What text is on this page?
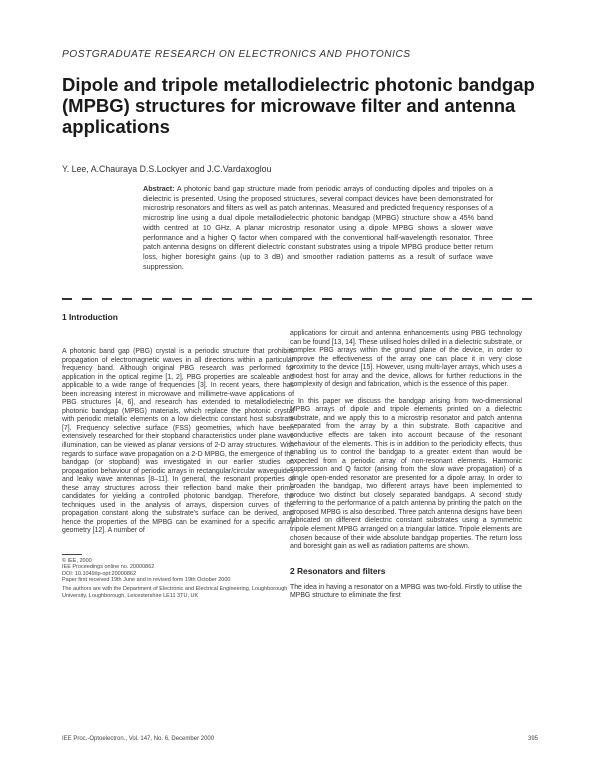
POSTGRADUATE RESEARCH ON ELECTRONICS AND PHOTONICS
Dipole and tripole metallodielectric photonic bandgap (MPBG) structures for microwave filter and antenna applications
Y. Lee, A.Chauraya D.S.Lockyer and J.C.Vardaxoglou
Abstract: A photonic band gap structure made from periodic arrays of conducting dipoles and tripoles on a dielectric is presented. Using the proposed structures, several compact devices have been demonstrated for microstrip resonators and filters as well as patch antennas. Measured and predicted frequency responses of a microstrip line using a dual dipole metallodielectric photonic bandgap (MPBG) structure show a 45% band width centred at 10 GHz. A planar microstrip resonator using a dipole MPBG shows a slower wave performance and a higher Q factor when compared with the conventional half-wavelength resonator. Three patch antenna designs on different dielectric constant substrates using a tripole MPBG produce better return loss, higher boresight gains (up to 3 dB) and smoother radiation patterns as a result of surface wave suppression.
1 Introduction

A photonic band gap (PBG) crystal is a periodic structure that prohibits propagation of electromagnetic waves in all directions within a particular frequency band. Although original PBG research was performed for application in the optical regime [1, 2], PBG properties are scaleable and applicable to a wide range of frequencies [3]. In recent years, there has been increasing interest in microwave and millimetre-wave applications of PBG structures [4, 6], and research has extended to metallodielectric photonic bandgap (MPBG) materials, which replace the photonic crystal with periodic metallic elements on a low dielectric constant host substrate [7]. Frequency selective surface (FSS) geometries, which have been extensively researched for their stopband characteristics under plane wave illumination, can be viewed as planar versions of 2-D array structures. With regards to surface wave propagation on a 2-D MPBG, the emergence of the bandgap (or stopband) was investigated in our earlier studies on propagation behaviour of periodic arrays in rectangular/circular waveguides and leaky wave antennas [8–11]. In general, the resonant properties of these array structures across their reflection band make their prime candidates for yielding a controlled photonic bandgap. Therefore, the techniques used in the analysis of arrays, dispersion curves of the propagation constant along the substrate's surface can be derived, and hence the properties of the MPBG can be examined for a specific array geometry [12]. A number of

© IEE, 2000

IEE Proceedings online no. 20000862

DOI: 10.1049/ip-opt:20000862

Paper first received 19th June and in revised form 19th October 2000

The authors are with the Department of Electronic and Electrical Engineering, Loughborough University, Loughborough, Leicestershire LE11 3TU, UK

applications for circuit and antenna enhancements using PBG technology can be found [13, 14]. These utilised holes drilled in a dielectric substrate, or complex PBG arrays within the ground plane of the device, in order to improve the effectiveness of the array one can place it in very close proximity to the device [15]. However, using multi-layer arrays, which uses a modest host for array and the device, allows for further reductions in the complexity of design and fabrication, which is the essence of this paper.

In this paper we discuss the bandgap arising from two-dimensional MPBG arrays of dipole and tripole elements printed on a dielectric substrate, and we apply this to a microstrip resonator and patch antenna separated from the array by a thin substrate. Both capacitive and conductive effects are taken into account because of the resonant behaviour of the elements. This is in addition to the periodicity effects, thus enabling us to control the bandgap to a greater extent than would be expected from a periodic array of non-resonant elements. Harmonic suppression and Q factor (arising from the slow wave propagation) of a single open-ended resonator are presented for a dipole array. In order to broaden the bandgap, two different arrays have been implemented to produce two distinct but closely separated bandgaps. A second study referring to the performance of a patch antenna by printing the patch on the proposed MPBG is also described. Three patch antenna designs have been fabricated on different dielectric constant substrates using a symmetric tripole element MPBG arranged on a triangular lattice. Tripole elements are chosen because of their wide absolute bandgap properties. The return loss and boresight gain as well as radiation patterns are shown.

2 Resonators and filters

The idea in having a resonator on a MPBG was two-fold. Firstly to utilise the MPBG structure to eliminate the first

IEE Proc.-Optoelectron., Vol. 147, No. 6, December 2000	395
